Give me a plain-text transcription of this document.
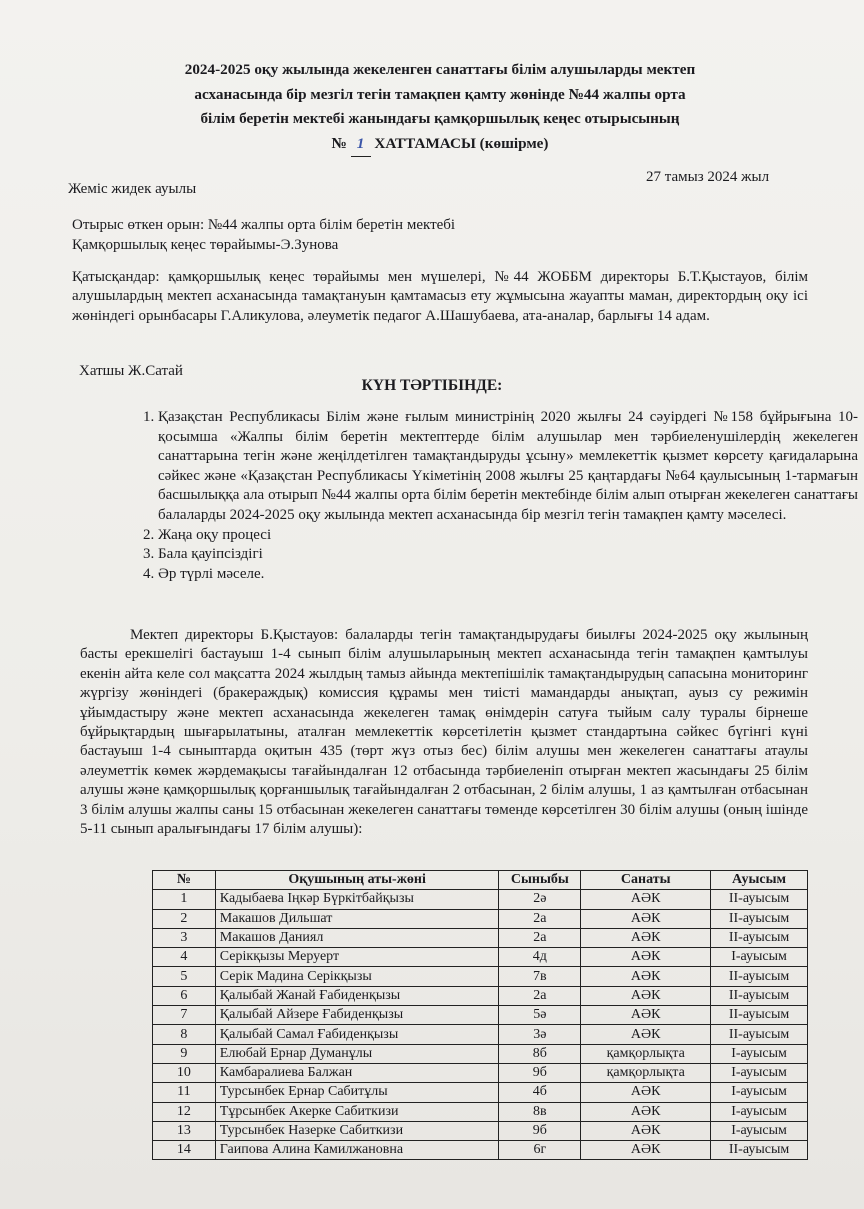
2024-2025 оқу жылында жекеленген санаттағы білім алушыларды мектеп
асханасында бір мезгіл тегін тамақпен қамту жөнінде №44 жалпы орта
білім беретін мектебі жанындағы қамқоршылық кеңес отырысының
№ 1 ХАТТАМАСЫ (көшірме)
27 тамыз 2024 жыл
Жеміс жидек ауылы
Отырыс өткен орын: №44 жалпы орта білім беретін мектебі
Қамқоршылық кеңес төрайымы-Э.Зунова
Қатысқандар: қамқоршылық кеңес төрайымы мен мүшелері, №44 ЖОББМ директоры Б.Т.Қыстауов, білім алушылардың мектеп асханасында тамақтануын қамтамасыз ету жұмысына жауапты маман, директордың оқу ісі жөніндегі орынбасары Г.Аликулова, әлеуметік педагог А.Шашубаева, ата-аналар, барлығы 14 адам.
Хатшы Ж.Сатай
КҮН ТӘРТІБІНДЕ:
1. Қазақстан Республикасы Білім және ғылым министрінің 2020 жылғы 24 сәуірдегі №158 бұйрығына 10-қосымша «Жалпы білім беретін мектептерде білім алушылар мен тәрбиеленушілердің жекелеген санаттарына тегін және жеңілдетілген тамақтандыруды ұсыну» мемлекеттік қызмет көрсету қағидаларына сәйкес және «Қазақстан Республикасы Үкіметінің 2008 жылғы 25 қаңтардағы №64 қаулысының 1-тармағын басшылыққа ала отырып №44 жалпы орта білім беретін мектебінде білім алып отырған жекелеген санаттағы балаларды 2024-2025 оқу жылында мектеп асханасында бір мезгіл тегін тамақпен қамту мәселесі.
2. Жаңа оқу процесі
3. Бала қауіпсіздігі
4. Әр түрлі мәселе.
Мектеп директоры Б.Қыстауов: балаларды тегін тамақтандырудағы биылғы 2024-2025 оқу жылының басты ерекшелігі бастауыш 1-4 сынып білім алушыларының мектеп асханасында тегін тамақпен қамтылуы екенін айта келе сол мақсатта 2024 жылдың тамыз айында мектепішілік тамақтандырудың сапасына мониторинг жүргізу жөніндегі (бракераждық) комиссия құрамы мен тиісті мамандарды анықтап, ауыз су режимін ұйымдастыру және мектеп асханасында жекелеген тамақ өнімдерін сатуға тыйым салу туралы бірнеше бұйрықтардың шығарылатыны, аталған мемлекеттік көрсетілетін қызмет стандартына сәйкес бүгінгі күні бастауыш 1-4 сыныптарда оқитын 435 (төрт жүз отыз бес) білім алушы мен жекелеген санаттағы атаулы әлеуметтік көмек жәрдемақысы тағайындалған 12 отбасында тәрбиеленіп отырған мектеп жасындағы 25 білім алушы және қамқоршылық қорғаншылық тағайындалған 2 отбасынан, 2 білім алушы, 1 аз қамтылған отбасынан 3 білім алушы жалпы саны 15 отбасынан жекелеген санаттағы төменде көрсетілген 30 білім алушы (оның ішінде 5-11 сынып аралығындағы 17 білім алушы):
№	Оқушының аты-жөні	Сыныбы	Санаты	Ауысым
1	Кадыбаева Іңкәр Бүркітбайқызы	2ә	АӘК	ІІ-ауысым
2	Макашов Дильшат	2а	АӘК	ІІ-ауысым
3	Макашов Даниял	2а	АӘК	ІІ-ауысым
4	Серікқызы Меруерт	4д	АӘК	І-ауысым
5	Серік Мадина Серікқызы	7в	АӘК	ІІ-ауысым
6	Қалыбай Жанай Ғабиденқызы	2а	АӘК	ІІ-ауысым
7	Қалыбай Айзере Ғабиденқызы	5ә	АӘК	ІІ-ауысым
8	Қалыбай Самал Ғабиденқызы	3ә	АӘК	ІІ-ауысым
9	Елюбай Ернар Думанұлы	8б	қамқорлықта	І-ауысым
10	Камбаралиева Балжан	9б	қамқорлықта	І-ауысым
11	Турсынбек Ернар Сабитұлы	4б	АӘК	І-ауысым
12	Тұрсынбек Акерке Сабиткизи	8в	АӘК	І-ауысым
13	Турсынбек Назерке Сабиткизи	9б	АӘК	І-ауысым
14	Гаипова Алина Камилжановна	6г	АӘК	ІІ-ауысым
